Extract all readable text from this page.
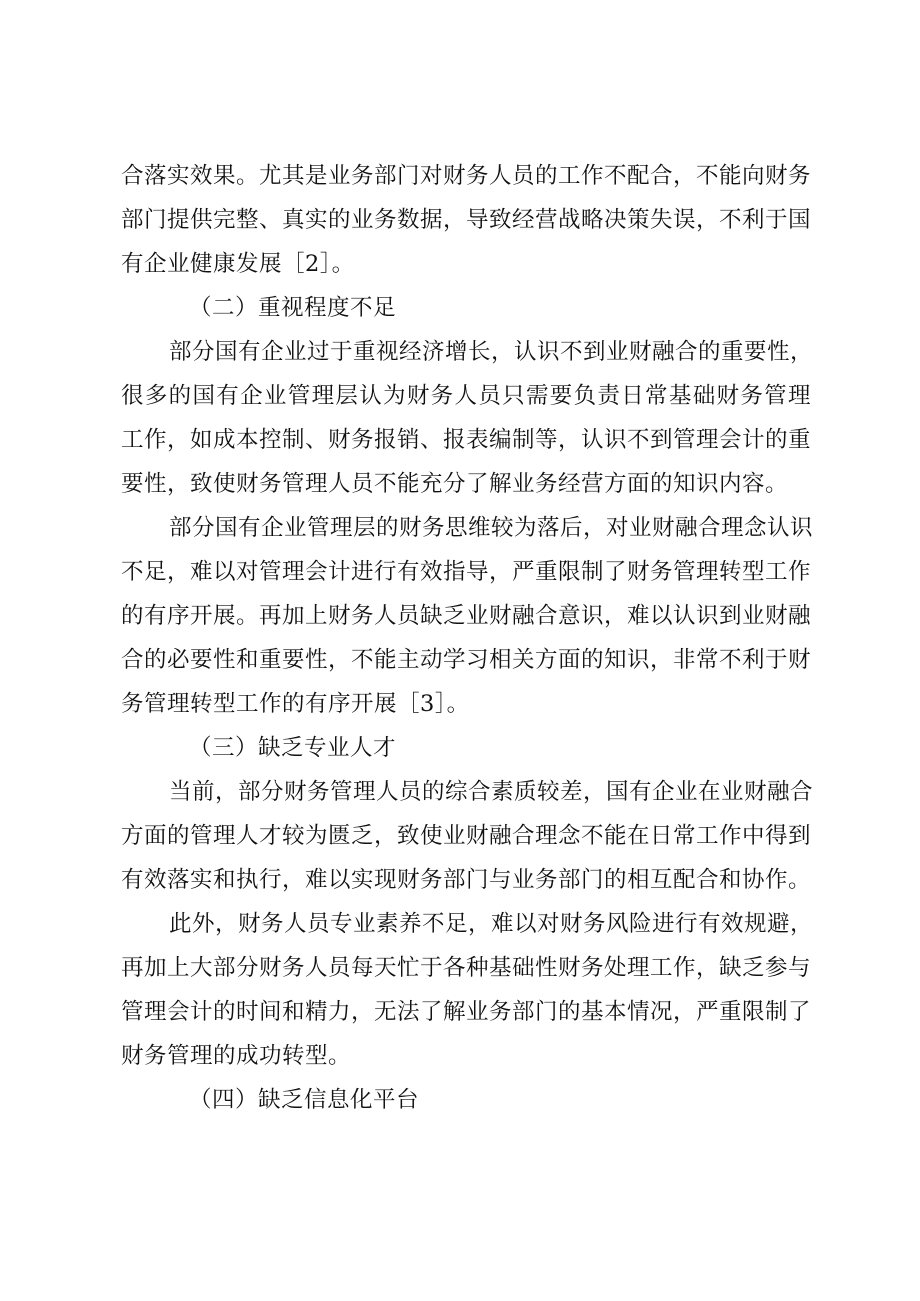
合落实效果。尤其是业务部门对财务人员的工作不配合，不能向财务
部门提供完整、真实的业务数据，导致经营战略决策失误，不利于国
有企业健康发展［2］。
（二）重视程度不足
部分国有企业过于重视经济增长，认识不到业财融合的重要性，
很多的国有企业管理层认为财务人员只需要负责日常基础财务管理
工作，如成本控制、财务报销、报表编制等，认识不到管理会计的重
要性，致使财务管理人员不能充分了解业务经营方面的知识内容。
部分国有企业管理层的财务思维较为落后，对业财融合理念认识
不足，难以对管理会计进行有效指导，严重限制了财务管理转型工作
的有序开展。再加上财务人员缺乏业财融合意识，难以认识到业财融
合的必要性和重要性，不能主动学习相关方面的知识，非常不利于财
务管理转型工作的有序开展［3］。
（三）缺乏专业人才
当前，部分财务管理人员的综合素质较差，国有企业在业财融合
方面的管理人才较为匮乏，致使业财融合理念不能在日常工作中得到
有效落实和执行，难以实现财务部门与业务部门的相互配合和协作。
此外，财务人员专业素养不足，难以对财务风险进行有效规避，
再加上大部分财务人员每天忙于各种基础性财务处理工作，缺乏参与
管理会计的时间和精力，无法了解业务部门的基本情况，严重限制了
财务管理的成功转型。
（四）缺乏信息化平台
